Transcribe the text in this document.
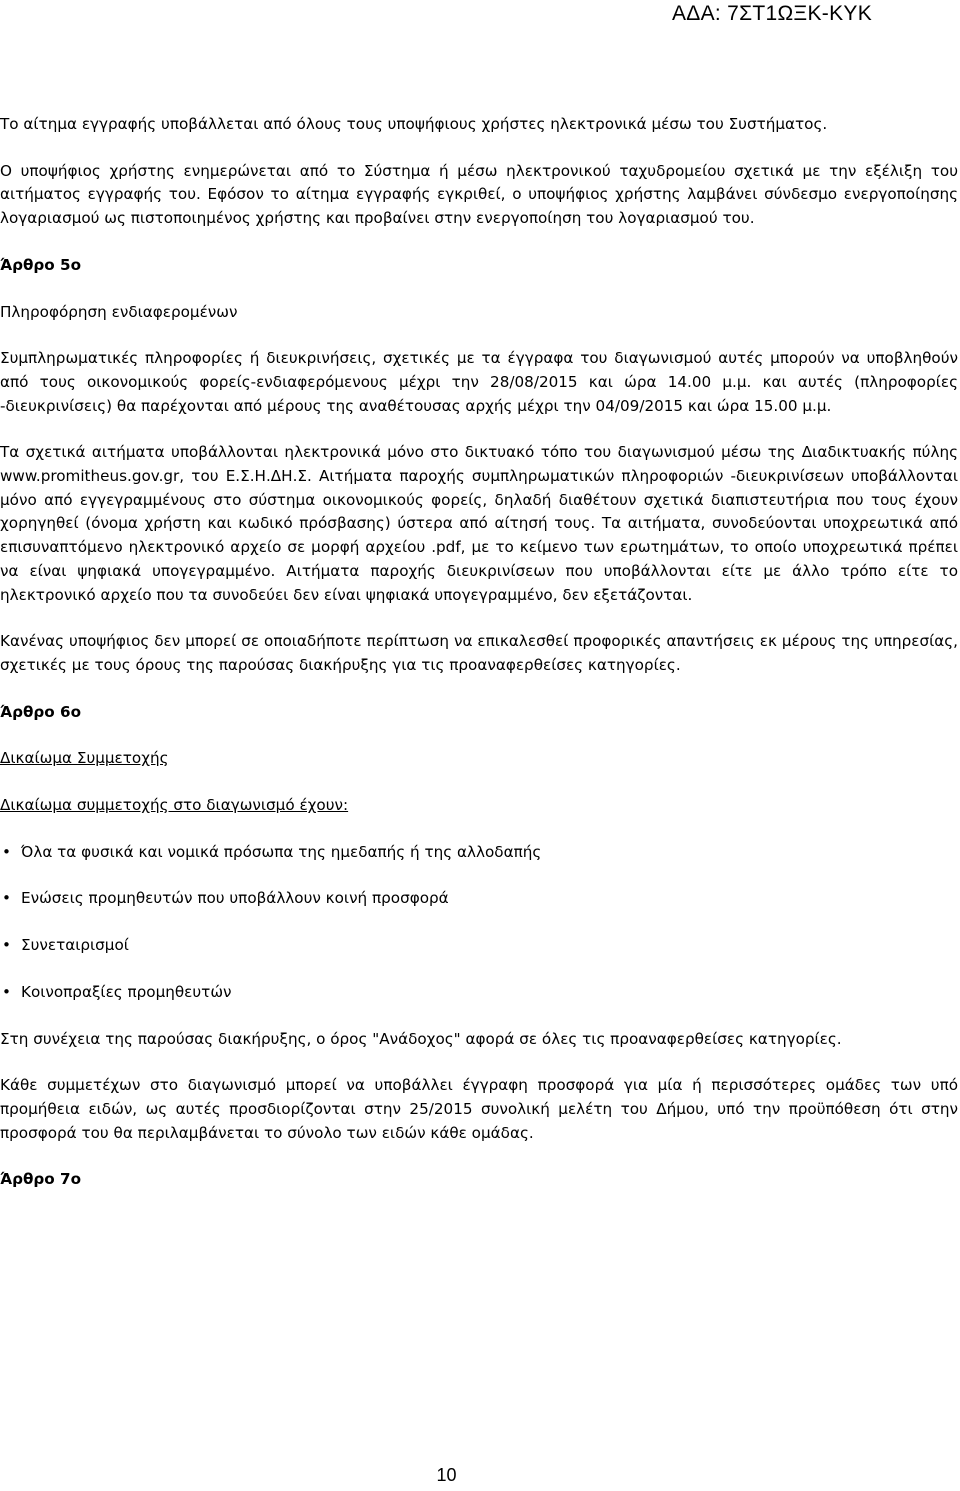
ΑΔΑ: 7ΣΤ1ΩΞΚ-ΚΥΚ

Το αίτημα εγγραφής υποβάλλεται από όλους τους υποψήφιους χρήστες ηλεκτρονικά μέσω του Συστήματος.

Ο υποψήφιος χρήστης ενημερώνεται από το Σύστημα ή μέσω ηλεκτρονικού ταχυδρομείου σχετικά με την εξέλιξη του αιτήματος εγγραφής του. Εφόσον το αίτημα εγγραφής εγκριθεί, ο υποψήφιος χρήστης λαμβάνει σύνδεσμο ενεργοποίησης λογαριασμού ως πιστοποιημένος χρήστης και προβαίνει στην ενεργοποίηση του λογαριασμού του.

Άρθρο 5ο

Πληροφόρηση ενδιαφερομένων

Συμπληρωματικές πληροφορίες ή διευκρινήσεις, σχετικές με τα έγγραφα του διαγωνισμού αυτές μπορούν να υποβληθούν από τους οικονομικούς φορείς-ενδιαφερόμενους μέχρι την 28/08/2015 και ώρα 14.00 μ.μ. και αυτές (πληροφορίες -διευκρινίσεις) θα παρέχονται από μέρους της αναθέτουσας αρχής μέχρι την 04/09/2015 και ώρα 15.00 μ.μ.

Τα σχετικά αιτήματα υποβάλλονται ηλεκτρονικά μόνο στο δικτυακό τόπο του διαγωνισμού μέσω της Διαδικτυακής πύλης www.promitheus.gov.gr, του Ε.Σ.Η.ΔΗ.Σ. Αιτήματα παροχής συμπληρωματικών πληροφοριών -διευκρινίσεων υποβάλλονται μόνο από εγγεγραμμένους στο σύστημα οικονομικούς φορείς, δηλαδή διαθέτουν σχετικά διαπιστευτήρια που τους έχουν χορηγηθεί (όνομα χρήστη και κωδικό πρόσβασης) ύστερα από αίτησή τους. Τα αιτήματα, συνοδεύονται υποχρεωτικά από επισυναπτόμενο ηλεκτρονικό αρχείο σε μορφή αρχείου .pdf, με το κείμενο των ερωτημάτων, το οποίο υποχρεωτικά πρέπει να είναι ψηφιακά υπογεγραμμένο. Αιτήματα παροχής διευκρινίσεων που υποβάλλονται είτε με άλλο τρόπο είτε το ηλεκτρονικό αρχείο που τα συνοδεύει δεν είναι ψηφιακά υπογεγραμμένο, δεν εξετάζονται.

Κανένας υποψήφιος δεν μπορεί σε οποιαδήποτε περίπτωση να επικαλεσθεί προφορικές απαντήσεις εκ μέρους της υπηρεσίας, σχετικές με τους όρους της παρούσας διακήρυξης για τις προαναφερθείσες κατηγορίες.

Άρθρο 6ο

Δικαίωμα Συμμετοχής

Δικαίωμα συμμετοχής στο διαγωνισμό έχουν:

• Όλα τα φυσικά και νομικά πρόσωπα της ημεδαπής ή της αλλοδαπής
• Ενώσεις προμηθευτών που υποβάλλουν κοινή προσφορά
• Συνεταιρισμοί
• Κοινοπραξίες προμηθευτών

Στη συνέχεια της παρούσας διακήρυξης, ο όρος "Ανάδοχος" αφορά σε όλες τις προαναφερθείσες κατηγορίες.

Κάθε συμμετέχων στο διαγωνισμό μπορεί να υποβάλλει έγγραφη προσφορά για μία ή περισσότερες ομάδες των υπό προμήθεια ειδών, ως αυτές προσδιορίζονται στην 25/2015 συνολική μελέτη του Δήμου, υπό την προϋπόθεση ότι στην προσφορά του θα περιλαμβάνεται το σύνολο των ειδών κάθε ομάδας.

Άρθρο 7ο

10
